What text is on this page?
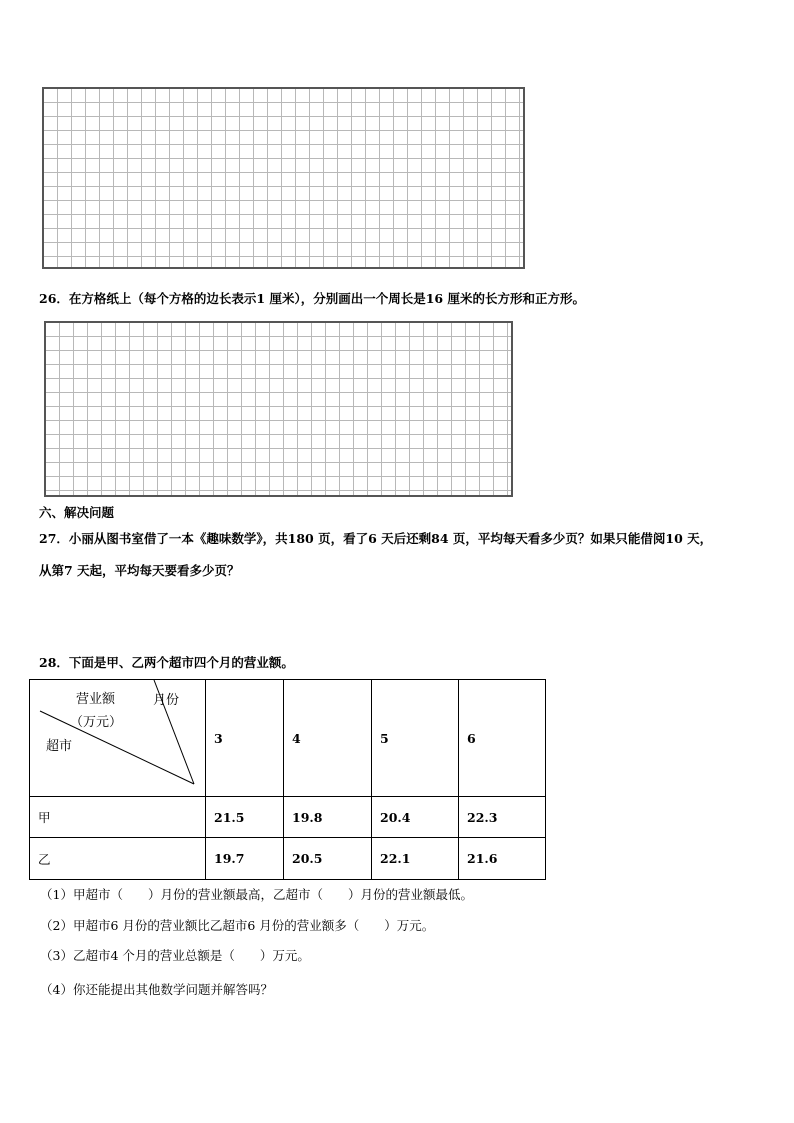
26．在方格纸上（每个方格的边长表示1 厘米），分别画出一个周长是16 厘米的长方形和正方形。
六、解决问题
27．小丽从图书室借了一本《趣味数学》，共180 页，看了6 天后还剩84 页，平均每天看多少页？如果只能借阅10 天，
从第7 天起，平均每天要看多少页？
28．下面是甲、乙两个超市四个月的营业额。
营业额 月份
（万元）
超市	3	4	5	6
甲	21.5	19.8	20.4	22.3
乙	19.7	20.5	22.1	21.6
（1）甲超市（　　）月份的营业额最高，乙超市（　　）月份的营业额最低。
（2）甲超市6 月份的营业额比乙超市6 月份的营业额多（　　）万元。
（3）乙超市4 个月的营业总额是（　　）万元。
（4）你还能提出其他数学问题并解答吗？
